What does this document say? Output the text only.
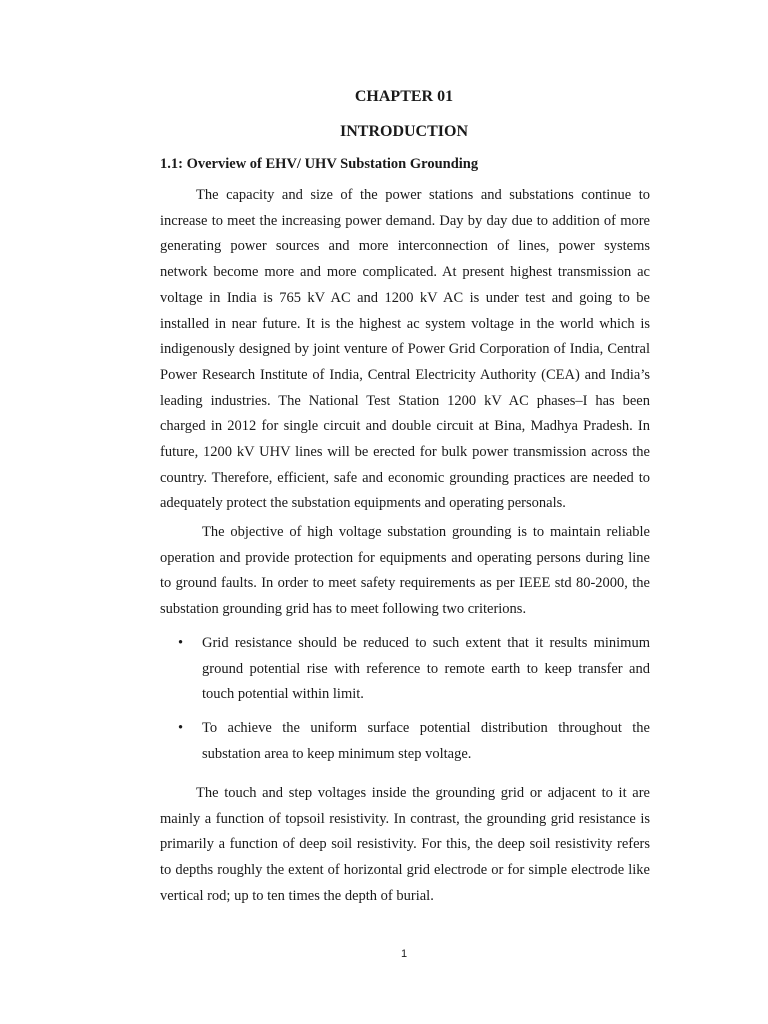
CHAPTER 01
INTRODUCTION
1.1: Overview of EHV/ UHV Substation Grounding

The capacity and size of the power stations and substations continue to increase to meet the increasing power demand. Day by day due to addition of more generating power sources and more interconnection of lines, power systems network become more and more complicated. At present highest transmission ac voltage in India is 765 kV AC and 1200 kV AC is under test and going to be installed in near future. It is the highest ac system voltage in the world which is indigenously designed by joint venture of Power Grid Corporation of India, Central Power Research Institute of India, Central Electricity Authority (CEA) and India’s leading industries. The National Test Station 1200 kV AC phases–I has been charged in 2012 for single circuit and double circuit at Bina, Madhya Pradesh. In future, 1200 kV UHV lines will be erected for bulk power transmission across the country. Therefore, efficient, safe and economic grounding practices are needed to adequately protect the substation equipments and operating personals.

The objective of high voltage substation grounding is to maintain reliable operation and provide protection for equipments and operating persons during line to ground faults. In order to meet safety requirements as per IEEE std 80-2000, the substation grounding grid has to meet following two criterions.

• Grid resistance should be reduced to such extent that it results minimum ground potential rise with reference to remote earth to keep transfer and touch potential within limit.
• To achieve the uniform surface potential distribution throughout the substation area to keep minimum step voltage.

The touch and step voltages inside the grounding grid or adjacent to it are mainly a function of topsoil resistivity. In contrast, the grounding grid resistance is primarily a function of deep soil resistivity. For this, the deep soil resistivity refers to depths roughly the extent of horizontal grid electrode or for simple electrode like vertical rod; up to ten times the depth of burial.

1
